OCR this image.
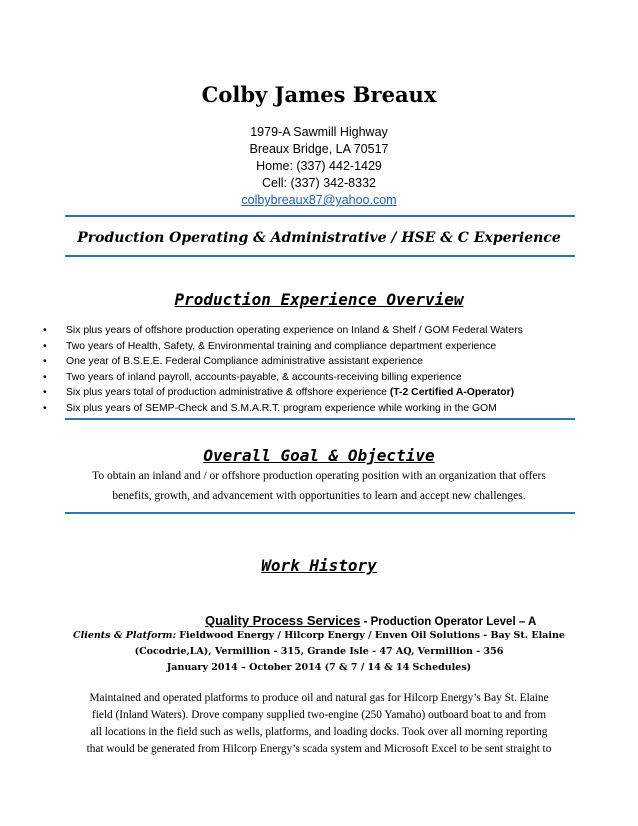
Colby James Breaux
1979-A Sawmill Highway
Breaux Bridge, LA 70517
Home: (337) 442-1429
Cell: (337) 342-8332
colbybreaux87@yahoo.com
Production Operating & Administrative / HSE & C Experience
Production Experience Overview
• Six plus years of offshore production operating experience on Inland & Shelf / GOM Federal Waters
• Two years of Health, Safety, & Environmental training and compliance department experience
• One year of B.S.E.E. Federal Compliance administrative assistant experience
• Two years of inland payroll, accounts-payable, & accounts-receiving billing experience
• Six plus years total of production administrative & offshore experience (T-2 Certified A-Operator)
• Six plus years of SEMP-Check and S.M.A.R.T. program experience while working in the GOM
Overall Goal & Objective
To obtain an inland and / or offshore production operating position with an organization that offers
benefits, growth, and advancement with opportunities to learn and accept new challenges.
Work History
Quality Process Services - Production Operator Level – A
Clients & Platform: Fieldwood Energy / Hilcorp Energy / Enven Oil Solutions - Bay St. Elaine
(Cocodrie,LA), Vermillion - 315, Grande Isle - 47 AQ, Vermillion - 356
January 2014 – October 2014 (7 & 7 / 14 & 14 Schedules)
Maintained and operated platforms to produce oil and natural gas for Hilcorp Energy’s Bay St. Elaine
field (Inland Waters). Drove company supplied two-engine (250 Yamaho) outboard boat to and from
all locations in the field such as wells, platforms, and loading docks. Took over all morning reporting
that would be generated from Hilcorp Energy’s scada system and Microsoft Excel to be sent straight to
